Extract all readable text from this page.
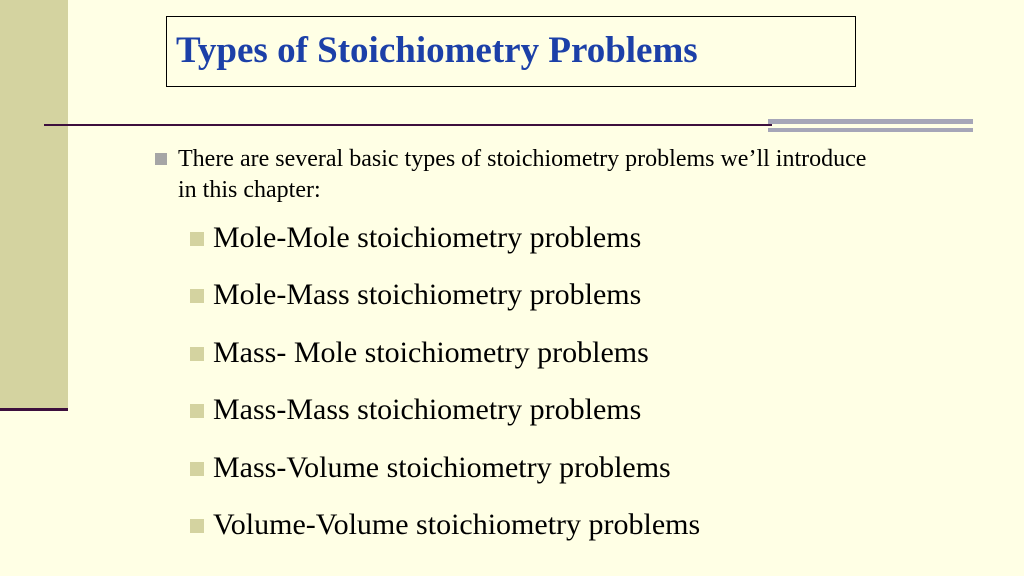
Types of Stoichiometry Problems
There are several basic types of stoichiometry problems we’ll introduce in this chapter:
Mole-Mole stoichiometry problems
Mole-Mass stoichiometry problems
Mass- Mole stoichiometry problems
Mass-Mass stoichiometry problems
Mass-Volume stoichiometry problems
Volume-Volume stoichiometry problems
